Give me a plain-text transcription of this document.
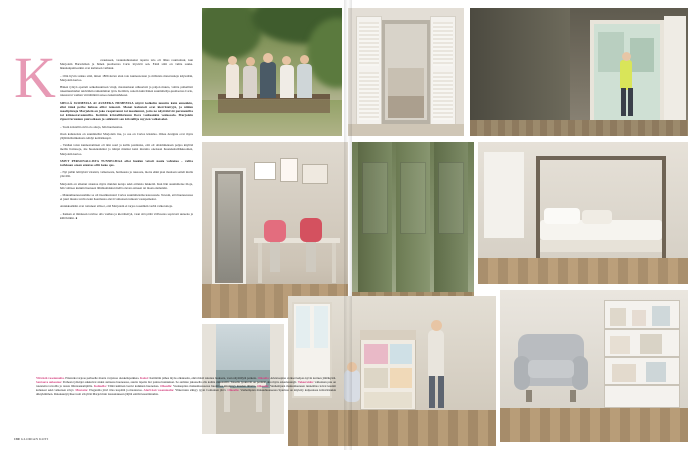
K	ovaukseen, vaakunalkaiseksi rapattu talo oli lähes raunioituut, kun Marjolein Bartelsman ja hänen puolisonsa Carlo löysivät sen. Enää siitä on vuhta sokka. Ikkunanpuitteetkin ovat kultaisen vaihieut.

– Olin hyvin tarkka siitä, miten 1800-luvun alun talo kunnostetaan ja millaisia materiaaleja käytetään, Marjolein kertoo.

Hänen työtyö opetteli selkeäsuuntaan viruji, maalaamaan uihuoristä ja paljon muuta, valitta palkallisti rakennusmiehet tekivätkin rankaimman työn. Keittiön, sanoin kuin hänen suunnittelija-puolisonsa Carlo, rakastavat vanhan virittäimiäti asiooo kaksintahdeeet.

SIELLÄ SUOMESSA AI AUSEEKA HUMEESSA näytti kalkeltu muuttu kuin ennenkin, ellei tämä perhe hulnaa ollisi remontt. Monet kalustoit ovat kierrätettyjä, ja niiden maalipintoja Marjolein on joko raapettanut tai maalannut, jotta ne näyttäisivät parenemilta tai kiinnostavammilta. Keittiön kristallikruunu Ilove voidaankin venkosalo. Marjolein ripusti kruunun puuvoikaan ja sulkkutti sen kristallija myyten valkoiseksi.

– Tosin kristallit eivät olo aitoja, hän huomaattua.

Osan kalusteista on suunnitellut Marjolein itse, ja osa on Carlos käsialaa. Omaa designia ovat myös yhjäläisiltainkalusta tehdyt keittiökaapit.

– Vanhan talon kunnostamisen olt niin saari ja kallis ponnistus, että olt olisimmekaan paljoa käyttää meilla lisätasoja, me huonekaluiksi ja niinpä mieiksi kaisi muruita oneisaan huonekaluiltikkoomen, Marjolein kertoo.

SMYT PERSONALLISTA TUNNELMAA ollot luokkn veissit naala vahtolaa – valita tarkkaan otaen otuutas ollit koko qas.

– Nyt pidän lelittyistä väreistä, valkoisesta, harmaasta ja ruusasta, motta ehkä pian maalaan seinät mulla yäsvillä.

Marjolein on alkanut sisustaa myös muiden kotaja sekä erilaisia lukkettä. Kun hän suunnittelee tiloja, hän valitsee kunkin huoneen lähtökohdaksi mellä olevan esineen tai maan elementin.

– Makuuhuoneessamme se oli itsealkustuteri Carlos suunnittelema katosasade. Totesin, että huoneessasa ei juuri muuta tarvita kain haarmaata elevit valkoisen tunteen vastapainoksi.

Aniakkaalkiin ovat tottuneet silloot, että Marjolein ei tarjoa tosenäkin verhä valkotoiteja.

– Kaiken ei mitskaan tarvitse olla vanhaa ja kierrätettyä, vaan sitä pitää välivaataa sopivasti uuteena ja kiiltäviikin. ●

Ylävästä vasemmalta. Pinstarka tarjoaa perheelle monta varjoisaa oleskelupaikkaa. Kaksi: Keittiötin pähee myös olkakaatta, eikä mistä takanna laukaata, vaan näyttäilytä parketa. Oikealla: Arkistoapina ovikset kelpaa kyvin kartues jämäkyntä. Seuraava aukeama: Perheen työkirjet aukkaivat alaksi auinsaas huoneessa, auutta lapeita ilot painaa hunnukset. Se aamiste jakaasella ella kahtia rikkoistilli. Toisella työkirvitt on perinäti ahu myös askarteuungit. Takeersään: valkoinen puu on toteutettu tarvoilla ja tausta lilintaaskamplilla. Kolmella: Tämä kuhinan laavut kaikkien huoneissa. Oikealla: Vaaleespitea makuuhuoneessa huomioas kiinnittyy kuuden ilmalta. Oikealla: Vanhempien makuuhuoneen tunnelmaa loivat kauniit kalusteet sekä valkoisen sävyt. Mustatta: Eleganttia järvi tilaa leopitää ja maalestoa. Alarivissä vasemmalta: Ylikerrusta säikyy tyyni Comoinen järvi. Oikealla: Vanhempien makuuhuoneessa Spurissa on käytetty kalpeansaa kriisväriaukia ulkrykimmen. Rakokuutytyhtee tuoli sävyttää Marjolcinin lasusutakseen jäljliä esittää kaustiinnuhta.
180 GLORIAN KOTI
